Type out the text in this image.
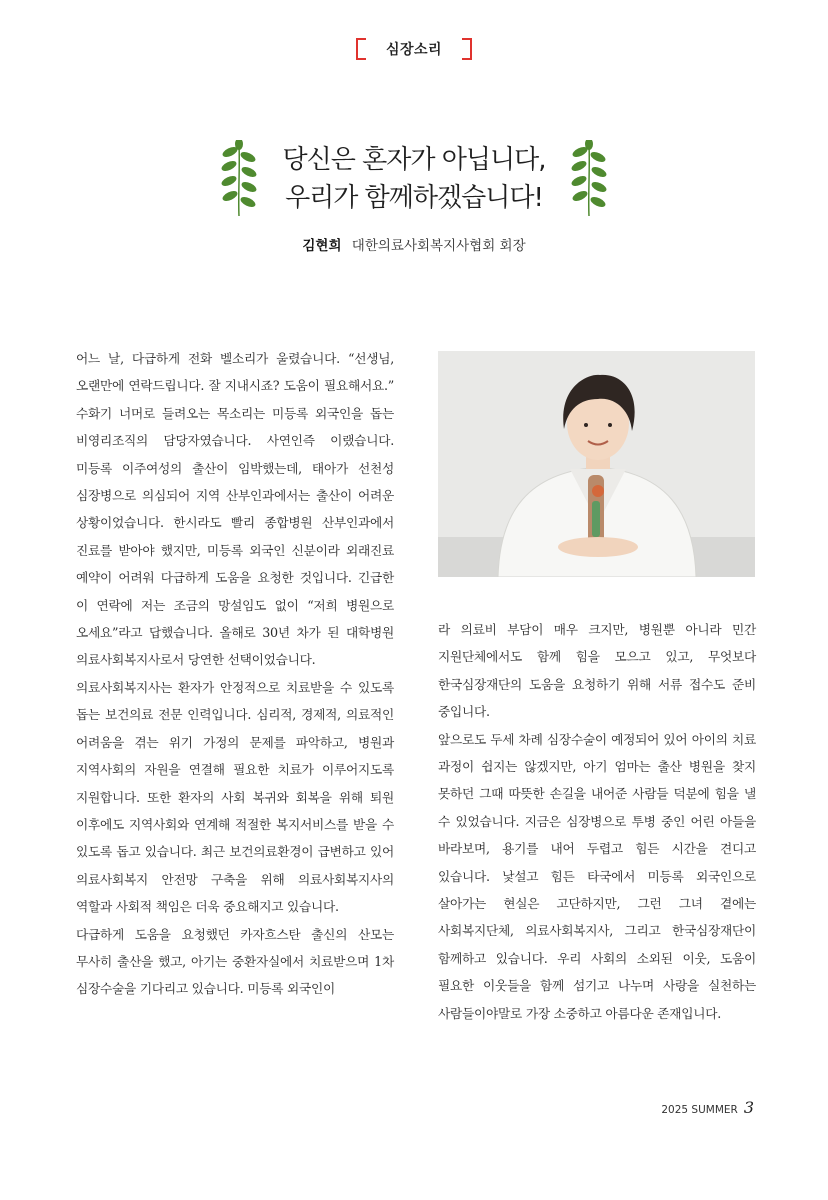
심장소리
당신은 혼자가 아닙니다,
우리가 함께하겠습니다!
김현희 대한의료사회복지사협회 회장

어느 날, 다급하게 전화 벨소리가 울렸습니다. “선생님, 오랜만에 연락드립니다. 잘 지내시죠? 도움이 필요해서요.” 수화기 너머로 들려오는 목소리는 미등록 외국인을 돕는 비영리조직의 담당자였습니다. 사연인즉 이랬습니다. 미등록 이주여성의 출산이 임박했는데, 태아가 선천성 심장병으로 의심되어 지역 산부인과에서는 출산이 어려운 상황이었습니다. 한시라도 빨리 종합병원 산부인과에서 진료를 받아야 했지만, 미등록 외국인 신분이라 외래진료 예약이 어려워 다급하게 도움을 요청한 것입니다. 긴급한 이 연락에 저는 조금의 망설임도 없이 “저희 병원으로 오세요”라고 답했습니다. 올해로 30년 차가 된 대학병원 의료사회복지사로서 당연한 선택이었습니다.

의료사회복지사는 환자가 안정적으로 치료받을 수 있도록 돕는 보건의료 전문 인력입니다. 심리적, 경제적, 의료적인 어려움을 겪는 위기 가정의 문제를 파악하고, 병원과 지역사회의 자원을 연결해 필요한 치료가 이루어지도록 지원합니다. 또한 환자의 사회 복귀와 회복을 위해 퇴원 이후에도 지역사회와 연계해 적절한 복지서비스를 받을 수 있도록 돕고 있습니다. 최근 보건의료환경이 급변하고 있어 의료사회복지 안전망 구축을 위해 의료사회복지사의 역할과 사회적 책임은 더욱 중요해지고 있습니다.

다급하게 도움을 요청했던 카자흐스탄 출신의 산모는 무사히 출산을 했고, 아기는 중환자실에서 치료받으며 1차 심장수술을 기다리고 있습니다. 미등록 외국인이

라 의료비 부담이 매우 크지만, 병원뿐 아니라 민간 지원단체에서도 함께 힘을 모으고 있고, 무엇보다 한국심장재단의 도움을 요청하기 위해 서류 접수도 준비 중입니다.

앞으로도 두세 차례 심장수술이 예정되어 있어 아이의 치료 과정이 쉽지는 않겠지만, 아기 엄마는 출산 병원을 찾지 못하던 그때 따뜻한 손길을 내어준 사람들 덕분에 힘을 낼 수 있었습니다. 지금은 심장병으로 투병 중인 어린 아들을 바라보며, 용기를 내어 두렵고 힘든 시간을 견디고 있습니다. 낯설고 힘든 타국에서 미등록 외국인으로 살아가는 현실은 고단하지만, 그런 그녀 곁에는 사회복지단체, 의료사회복지사, 그리고 한국심장재단이 함께하고 있습니다. 우리 사회의 소외된 이웃, 도움이 필요한 이웃들을 함께 섬기고 나누며 사랑을 실천하는 사람들이야말로 가장 소중하고 아름다운 존재입니다.

2025 SUMMER 3
